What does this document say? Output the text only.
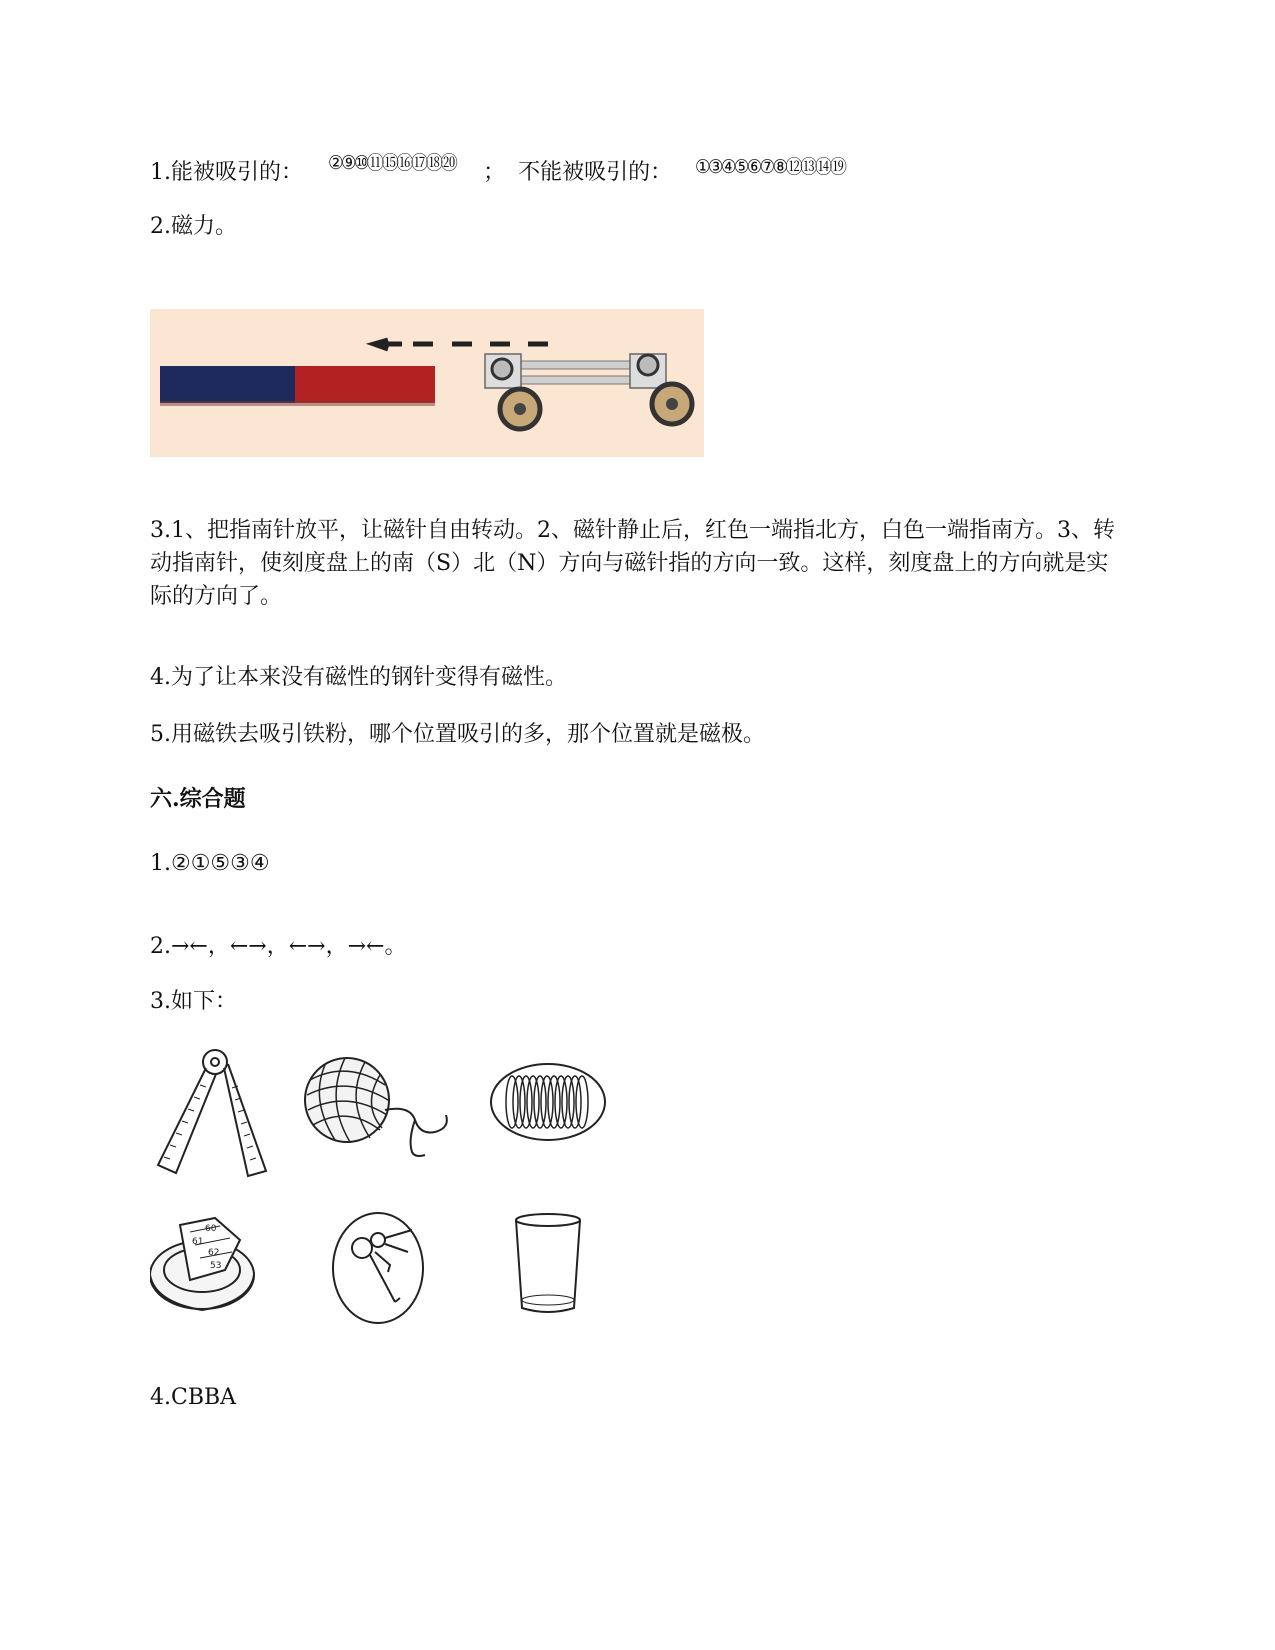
1.能被吸引的： ②⑨⑩⑪⑮⑯⑰⑱⑳ ； 不能被吸引的： ①③④⑤⑥⑦⑧⑫⑬⑭⑲
2.磁力。
3.1、把指南针放平，让磁针自由转动。2、磁针静止后，红色一端指北方，白色一端指南方。3、转动指南针，使刻度盘上的南（S）北（N）方向与磁针指的方向一致。这样，刻度盘上的方向就是实际的方向了。
4.为了让本来没有磁性的钢针变得有磁性。
5.用磁铁去吸引铁粉，哪个位置吸引的多，那个位置就是磁极。
六.综合题
1.②①⑤③④
2.→←，←→，←→，→←。
3.如下：
60
61
62
53
4.CBBA
